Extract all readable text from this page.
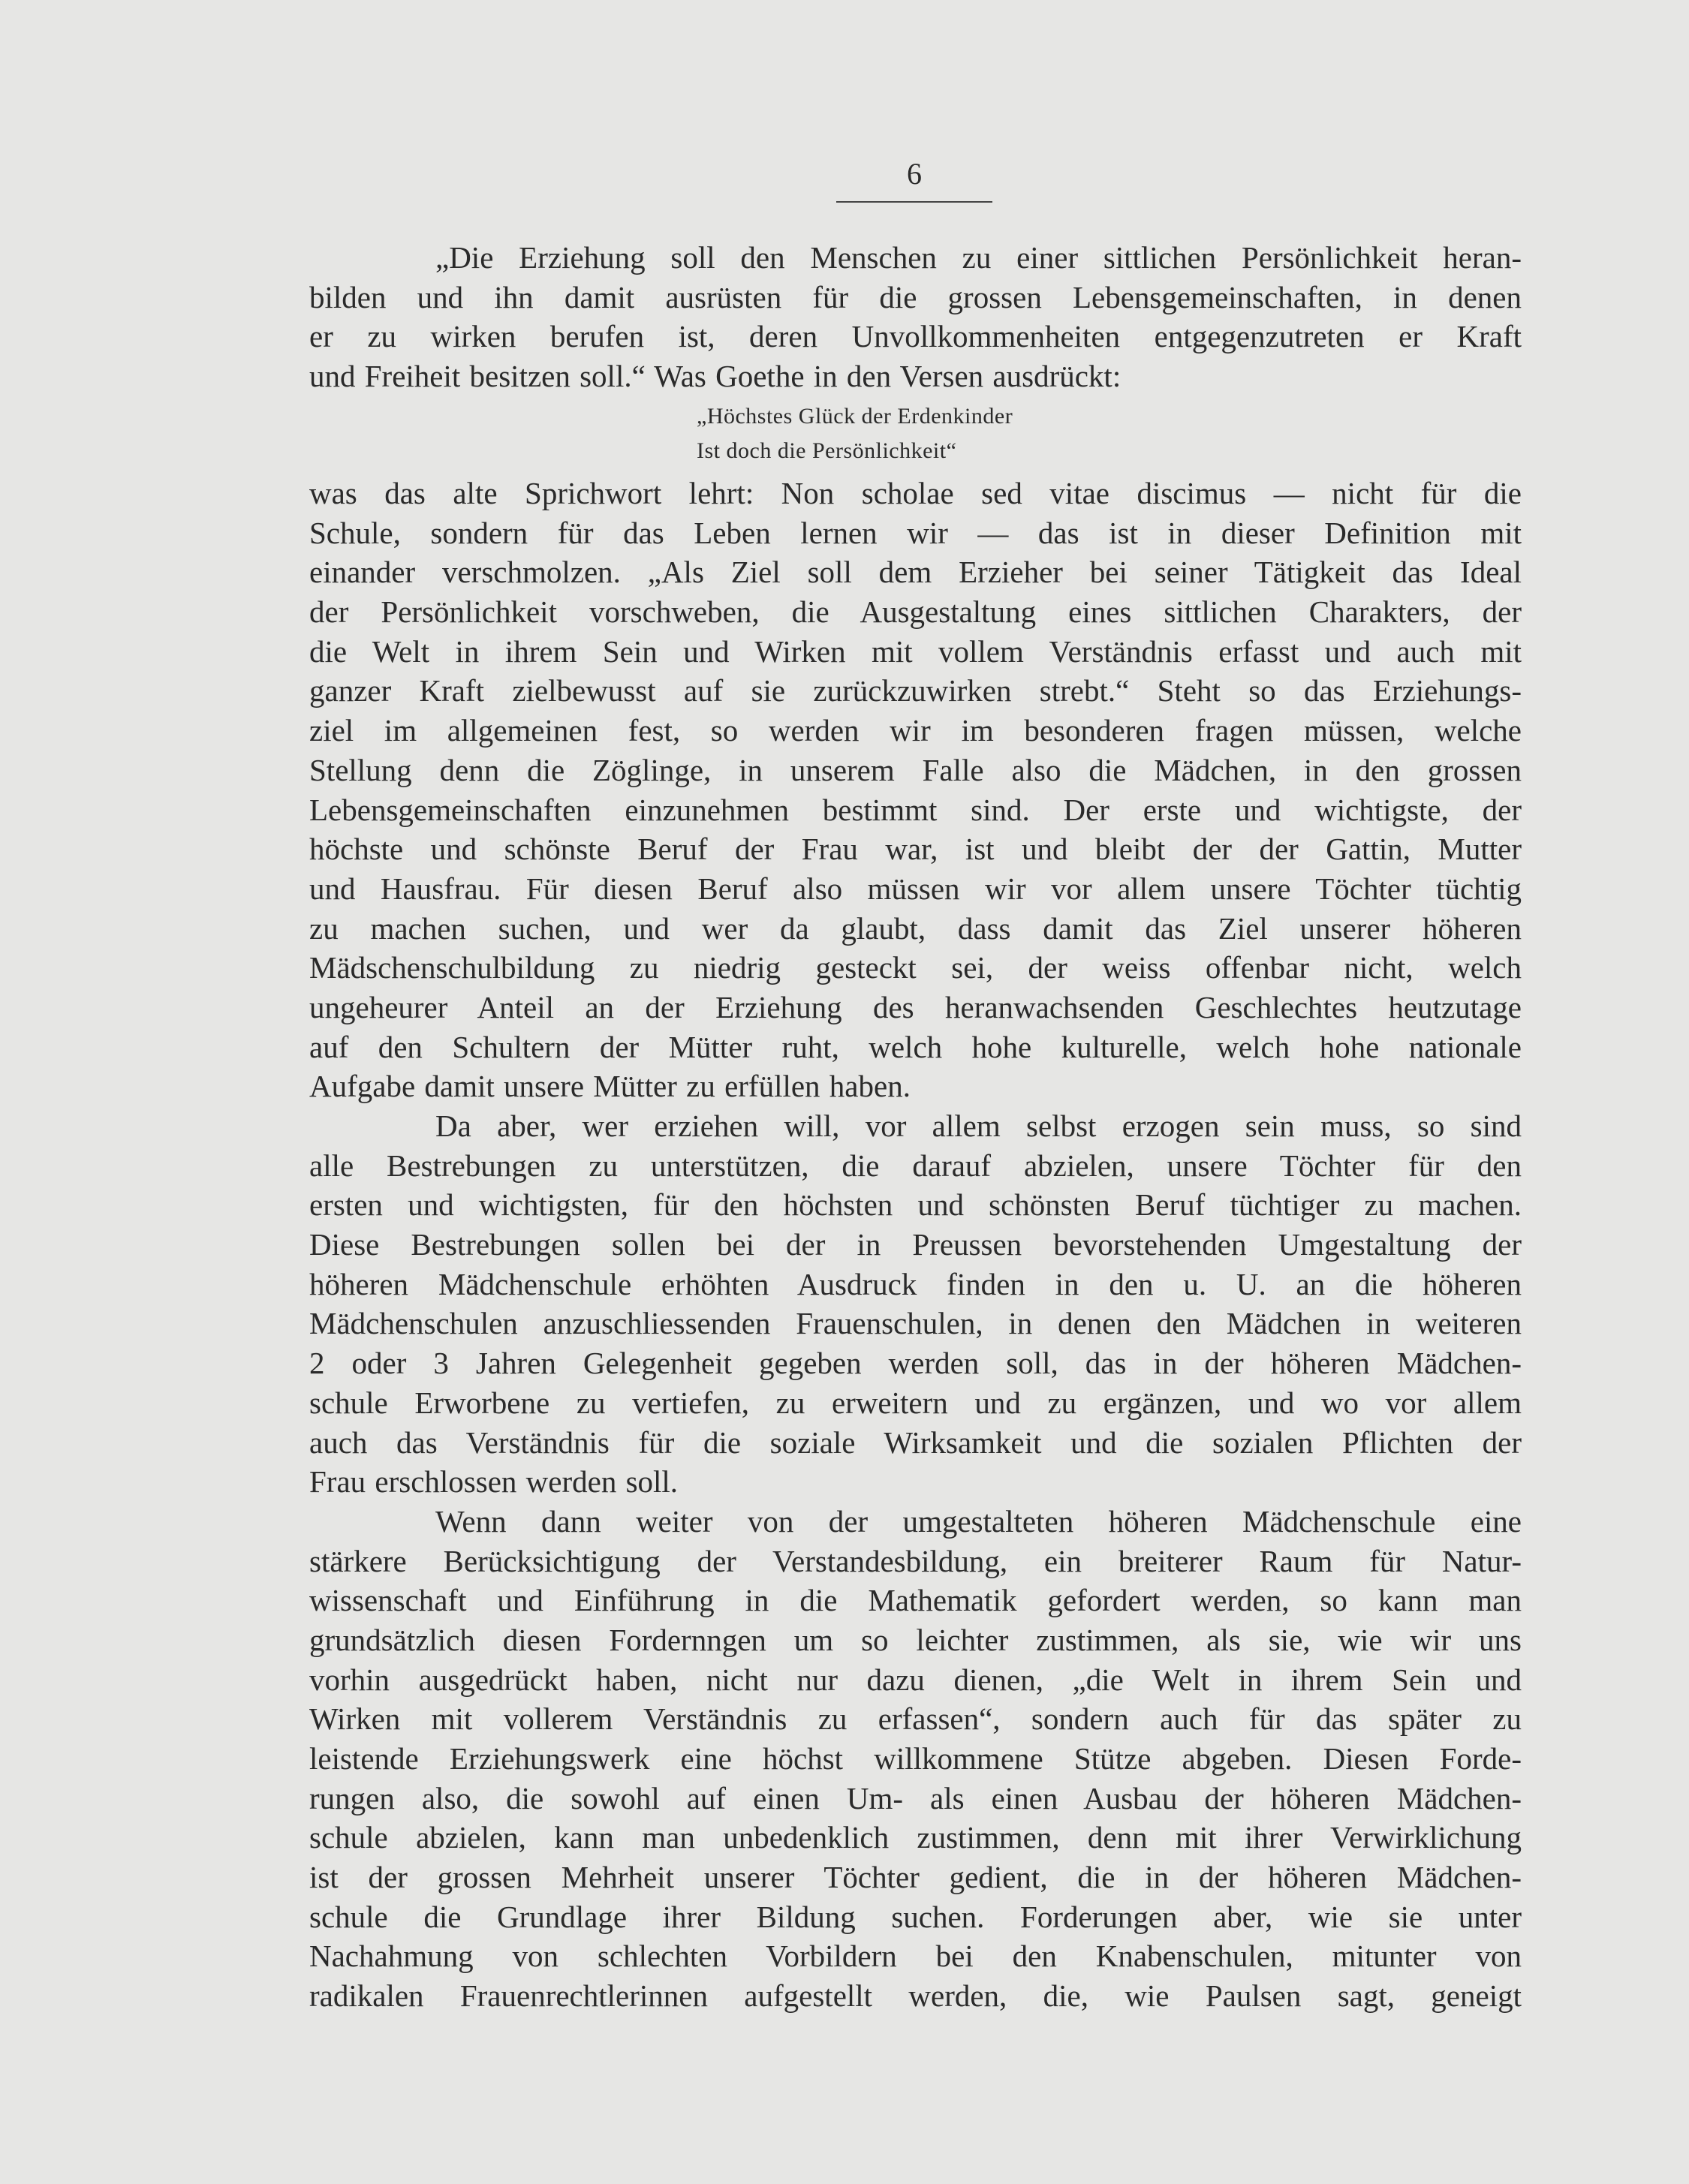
6
„Die Erziehung soll den Menschen zu einer sittlichen Persönlichkeit heran-
bilden und ihn damit ausrüsten für die grossen Lebensgemeinschaften, in denen
er zu wirken berufen ist, deren Unvollkommenheiten entgegenzutreten er Kraft
und Freiheit besitzen soll.“ Was Goethe in den Versen ausdrückt:
„Höchstes Glück der Erdenkinder
Ist doch die Persönlichkeit“
was das alte Sprichwort lehrt: Non scholae sed vitae discimus — nicht für die
Schule, sondern für das Leben lernen wir — das ist in dieser Definition mit
einander verschmolzen. „Als Ziel soll dem Erzieher bei seiner Tätigkeit das Ideal
der Persönlichkeit vorschweben, die Ausgestaltung eines sittlichen Charakters, der
die Welt in ihrem Sein und Wirken mit vollem Verständnis erfasst und auch mit
ganzer Kraft zielbewusst auf sie zurückzuwirken strebt.“ Steht so das Erziehungs-
ziel im allgemeinen fest, so werden wir im besonderen fragen müssen, welche
Stellung denn die Zöglinge, in unserem Falle also die Mädchen, in den grossen
Lebensgemeinschaften einzunehmen bestimmt sind. Der erste und wichtigste, der
höchste und schönste Beruf der Frau war, ist und bleibt der der Gattin, Mutter
und Hausfrau. Für diesen Beruf also müssen wir vor allem unsere Töchter tüchtig
zu machen suchen, und wer da glaubt, dass damit das Ziel unserer höheren
Mädschenschulbildung zu niedrig gesteckt sei, der weiss offenbar nicht, welch
ungeheurer Anteil an der Erziehung des heranwachsenden Geschlechtes heutzutage
auf den Schultern der Mütter ruht, welch hohe kulturelle, welch hohe nationale
Aufgabe damit unsere Mütter zu erfüllen haben.
Da aber, wer erziehen will, vor allem selbst erzogen sein muss, so sind
alle Bestrebungen zu unterstützen, die darauf abzielen, unsere Töchter für den
ersten und wichtigsten, für den höchsten und schönsten Beruf tüchtiger zu machen.
Diese Bestrebungen sollen bei der in Preussen bevorstehenden Umgestaltung der
höheren Mädchenschule erhöhten Ausdruck finden in den u. U. an die höheren
Mädchenschulen anzuschliessenden Frauenschulen, in denen den Mädchen in weiteren
2 oder 3 Jahren Gelegenheit gegeben werden soll, das in der höheren Mädchen-
schule Erworbene zu vertiefen, zu erweitern und zu ergänzen, und wo vor allem
auch das Verständnis für die soziale Wirksamkeit und die sozialen Pflichten der
Frau erschlossen werden soll.
Wenn dann weiter von der umgestalteten höheren Mädchenschule eine
stärkere Berücksichtigung der Verstandesbildung, ein breiterer Raum für Natur-
wissenschaft und Einführung in die Mathematik gefordert werden, so kann man
grundsätzlich diesen Fordernngen um so leichter zustimmen, als sie, wie wir uns
vorhin ausgedrückt haben, nicht nur dazu dienen, „die Welt in ihrem Sein und
Wirken mit vollerem Verständnis zu erfassen“, sondern auch für das später zu
leistende Erziehungswerk eine höchst willkommene Stütze abgeben. Diesen Forde-
rungen also, die sowohl auf einen Um- als einen Ausbau der höheren Mädchen-
schule abzielen, kann man unbedenklich zustimmen, denn mit ihrer Verwirklichung
ist der grossen Mehrheit unserer Töchter gedient, die in der höheren Mädchen-
schule die Grundlage ihrer Bildung suchen. Forderungen aber, wie sie unter
Nachahmung von schlechten Vorbildern bei den Knabenschulen, mitunter von
radikalen Frauenrechtlerinnen aufgestellt werden, die, wie Paulsen sagt, geneigt
